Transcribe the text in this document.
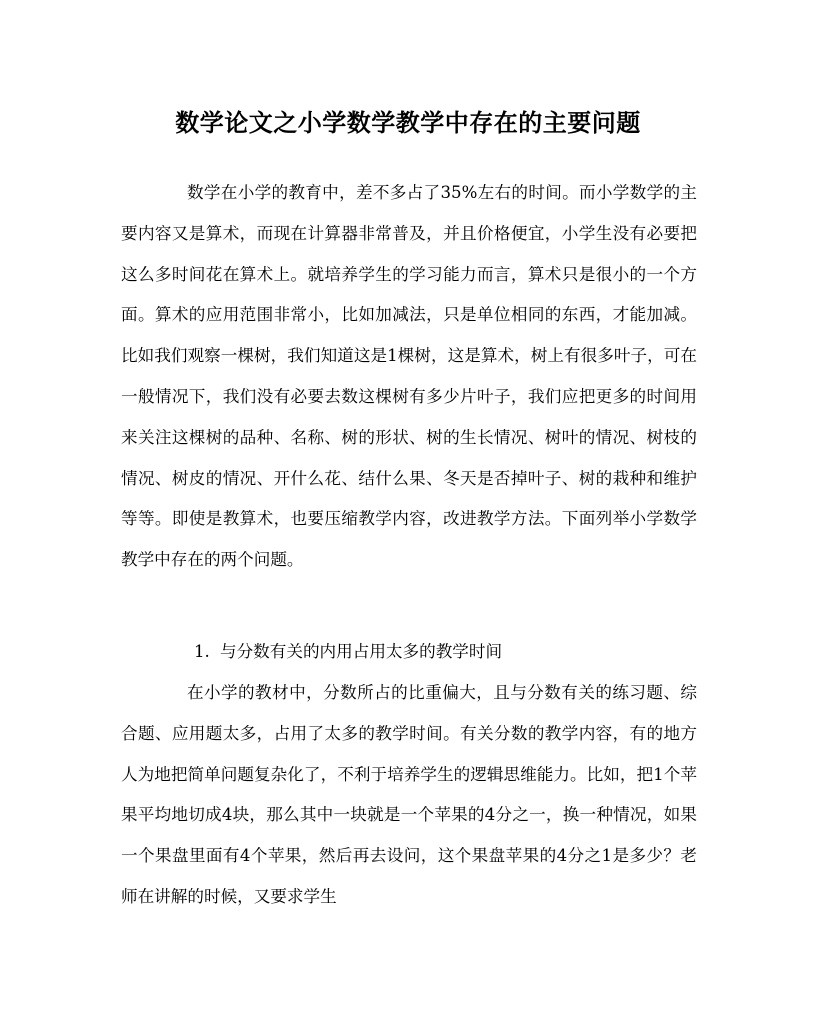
数学论文之小学数学教学中存在的主要问题

数学在小学的教育中，差不多占了35%左右的时间。而小学数学的主要内容又是算术，而现在计算器非常普及，并且价格便宜，小学生没有必要把这么多时间花在算术上。就培养学生的学习能力而言，算术只是很小的一个方面。算术的应用范围非常小，比如加减法，只是单位相同的东西，才能加减。比如我们观察一棵树，我们知道这是1棵树，这是算术，树上有很多叶子，可在一般情况下，我们没有必要去数这棵树有多少片叶子，我们应把更多的时间用来关注这棵树的品种、名称、树的形状、树的生长情况、树叶的情况、树枝的情况、树皮的情况、开什么花、结什么果、冬天是否掉叶子、树的栽种和维护等等。即使是教算术，也要压缩教学内容，改进教学方法。下面列举小学数学教学中存在的两个问题。

1. 与分数有关的内用占用太多的教学时间

在小学的教材中，分数所占的比重偏大，且与分数有关的练习题、综合题、应用题太多，占用了太多的教学时间。有关分数的教学内容，有的地方人为地把简单问题复杂化了，不利于培养学生的逻辑思维能力。比如，把1个苹果平均地切成4块，那么其中一块就是一个苹果的4分之一，换一种情况，如果一个果盘里面有4个苹果，然后再去设问，这个果盘苹果的4分之1是多少？老师在讲解的时候，又要求学生
